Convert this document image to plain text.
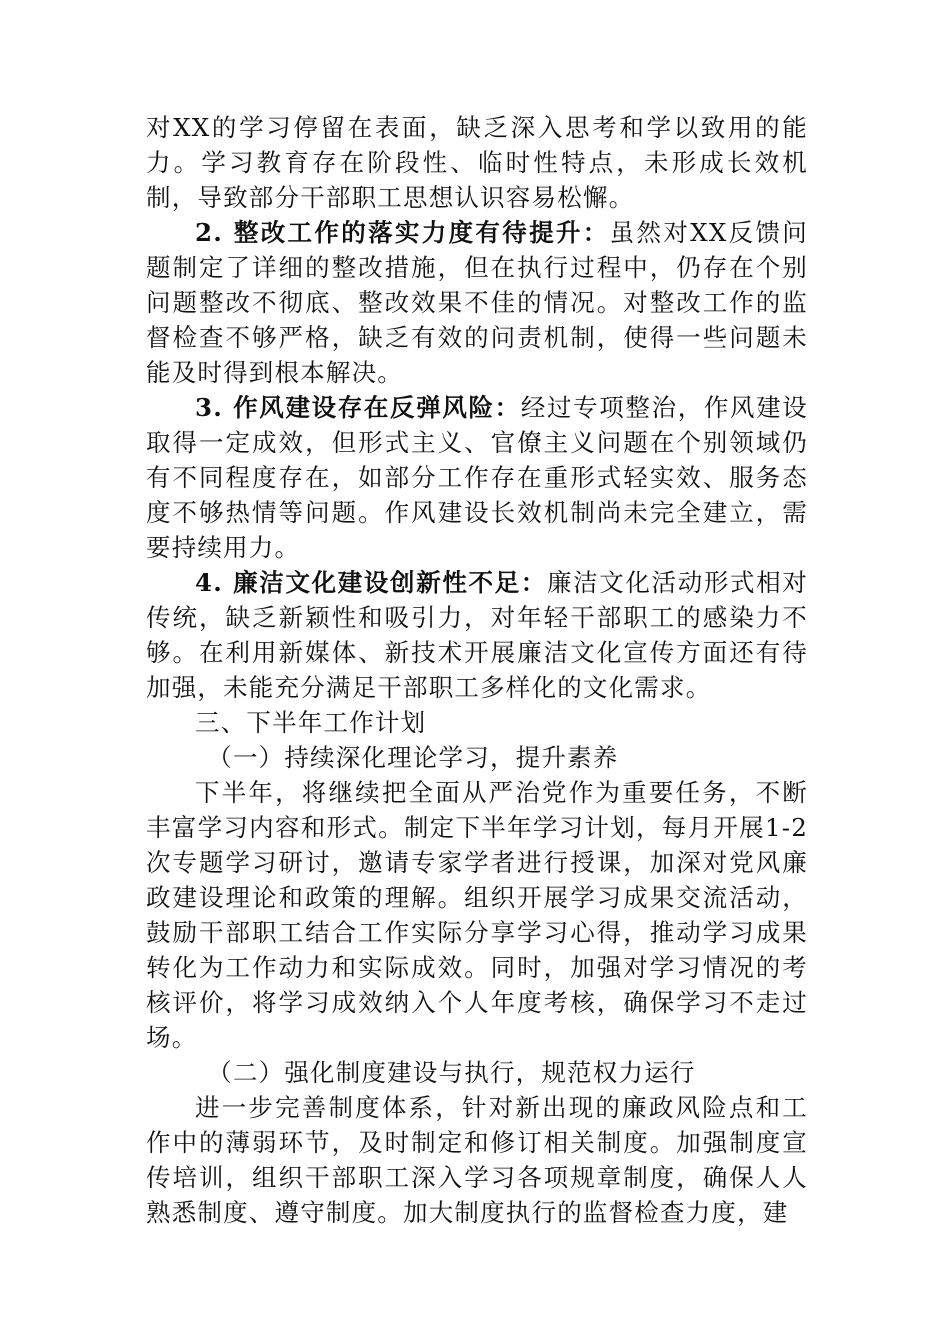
对XX的学习停留在表面，缺乏深入思考和学以致用的能力。学习教育存在阶段性、临时性特点，未形成长效机制，导致部分干部职工思想认识容易松懈。

2. 整改工作的落实力度有待提升：虽然对XX反馈问题制定了详细的整改措施，但在执行过程中，仍存在个别问题整改不彻底、整改效果不佳的情况。对整改工作的监督检查不够严格，缺乏有效的问责机制，使得一些问题未能及时得到根本解决。

3. 作风建设存在反弹风险：经过专项整治，作风建设取得一定成效，但形式主义、官僚主义问题在个别领域仍有不同程度存在，如部分工作存在重形式轻实效、服务态度不够热情等问题。作风建设长效机制尚未完全建立，需要持续用力。

4. 廉洁文化建设创新性不足：廉洁文化活动形式相对传统，缺乏新颖性和吸引力，对年轻干部职工的感染力不够。在利用新媒体、新技术开展廉洁文化宣传方面还有待加强，未能充分满足干部职工多样化的文化需求。

三、下半年工作计划

（一）持续深化理论学习，提升素养

下半年，将继续把全面从严治党作为重要任务，不断丰富学习内容和形式。制定下半年学习计划，每月开展1-2次专题学习研讨，邀请专家学者进行授课，加深对党风廉政建设理论和政策的理解。组织开展学习成果交流活动，鼓励干部职工结合工作实际分享学习心得，推动学习成果转化为工作动力和实际成效。同时，加强对学习情况的考核评价，将学习成效纳入个人年度考核，确保学习不走过场。

（二）强化制度建设与执行，规范权力运行

进一步完善制度体系，针对新出现的廉政风险点和工作中的薄弱环节，及时制定和修订相关制度。加强制度宣传培训，组织干部职工深入学习各项规章制度，确保人人熟悉制度、遵守制度。加大制度执行的监督检查力度，建
